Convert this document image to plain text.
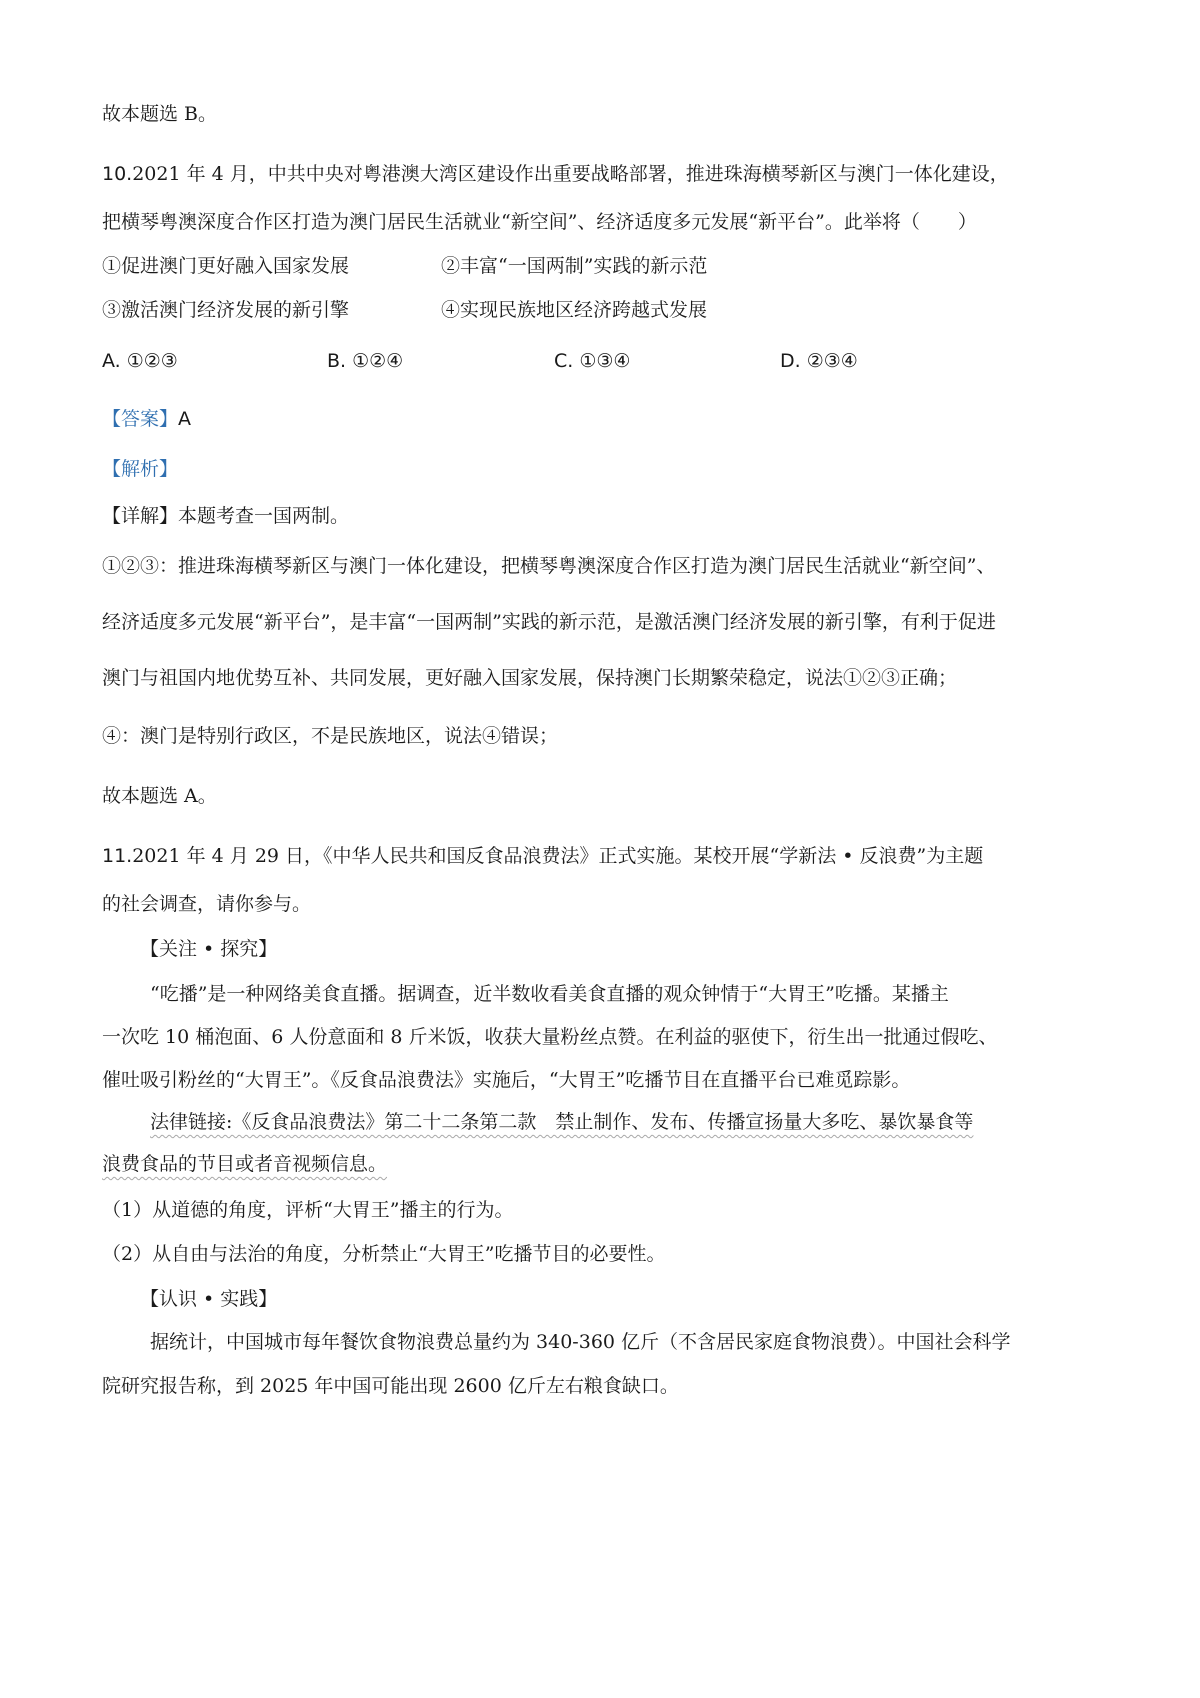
故本题选 B。
10.2021 年 4 月，中共中央对粤港澳大湾区建设作出重要战略部署，推进珠海横琴新区与澳门一体化建设，
把横琴粤澳深度合作区打造为澳门居民生活就业“新空间”、经济适度多元发展“新平台”。此举将（　　）
①促进澳门更好融入国家发展	②丰富“一国两制”实践的新示范
③激活澳门经济发展的新引擎	④实现民族地区经济跨越式发展
A. ①②③	B. ①②④	C. ①③④	D. ②③④
【答案】A
【解析】
【详解】本题考查一国两制。
①②③：推进珠海横琴新区与澳门一体化建设，把横琴粤澳深度合作区打造为澳门居民生活就业“新空间”、
经济适度多元发展“新平台”，是丰富“一国两制”实践的新示范，是激活澳门经济发展的新引擎，有利于促进
澳门与祖国内地优势互补、共同发展，更好融入国家发展，保持澳门长期繁荣稳定，说法①②③正确；
④：澳门是特别行政区，不是民族地区，说法④错误；
故本题选 A。
11.2021 年 4 月 29 日，《中华人民共和国反食品浪费法》正式实施。某校开展“学新法 • 反浪费”为主题
的社会调查，请你参与。
【关注 • 探究】
“吃播”是一种网络美食直播。据调查，近半数收看美食直播的观众钟情于“大胃王”吃播。某播主
一次吃 10 桶泡面、6 人份意面和 8 斤米饭，收获大量粉丝点赞。在利益的驱使下，衍生出一批通过假吃、
催吐吸引粉丝的“大胃王”。《反食品浪费法》实施后，“大胃王”吃播节目在直播平台已难觅踪影。
法律链接:《反食品浪费法》第二十二条第二款　禁止制作、发布、传播宣扬量大多吃、暴饮暴食等
浪费食品的节目或者音视频信息。
（1）从道德的角度，评析“大胃王”播主的行为。
（2）从自由与法治的角度，分析禁止“大胃王”吃播节目的必要性。
【认识 • 实践】
据统计，中国城市每年餐饮食物浪费总量约为 340-360 亿斤（不含居民家庭食物浪费）。中国社会科学
院研究报告称，到 2025 年中国可能出现 2600 亿斤左右粮食缺口。
